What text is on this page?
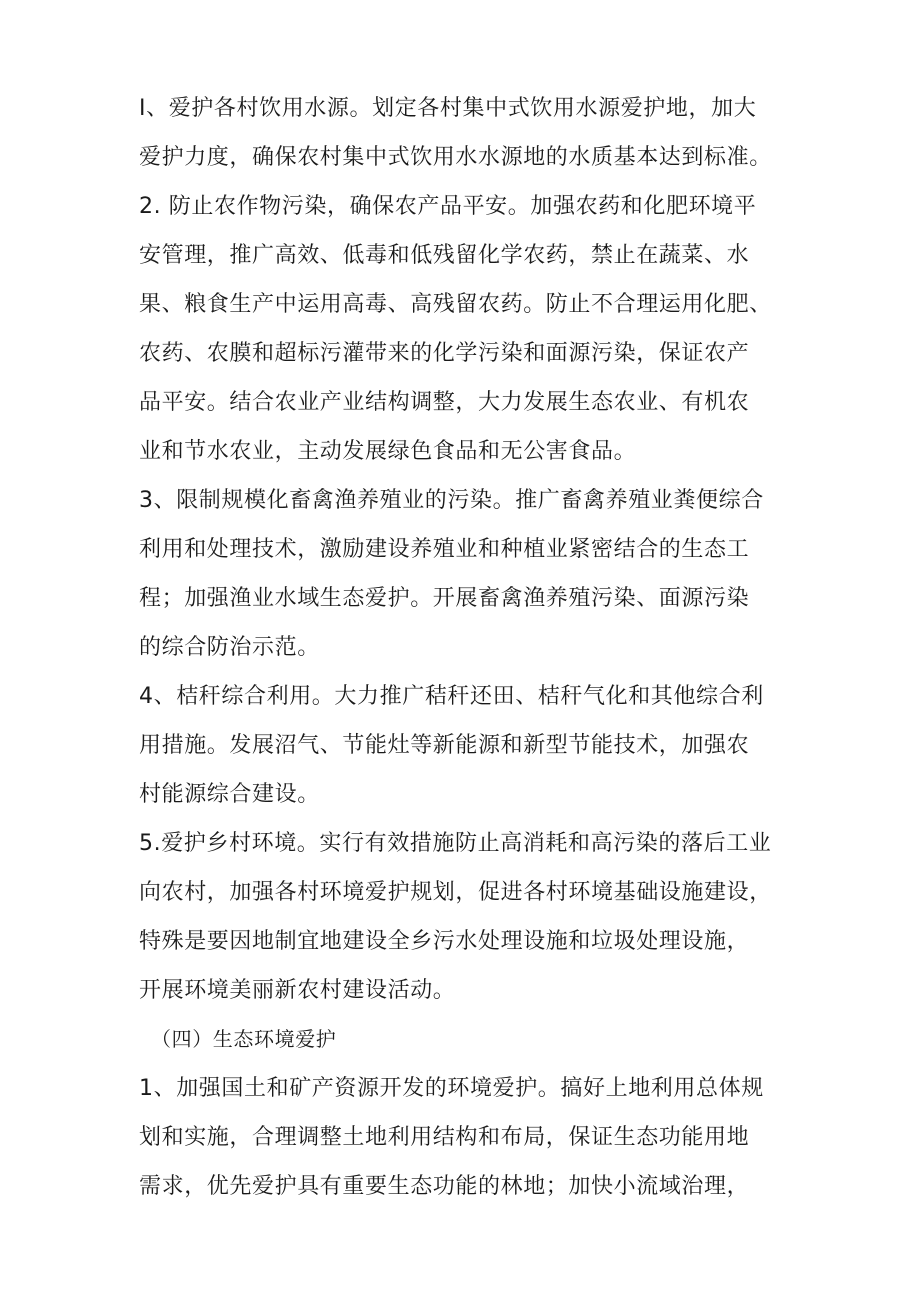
I、爱护各村饮用水源。划定各村集中式饮用水源爱护地，加大
爱护力度，确保农村集中式饮用水水源地的水质基本达到标准。
2. 防止农作物污染，确保农产品平安。加强农药和化肥环境平
安管理，推广高效、低毒和低残留化学农药，禁止在蔬菜、水
果、粮食生产中运用高毒、高残留农药。防止不合理运用化肥、
农药、农膜和超标污灌带来的化学污染和面源污染，保证农产
品平安。结合农业产业结构调整，大力发展生态农业、有机农
业和节水农业，主动发展绿色食品和无公害食品。
3、限制规模化畜禽渔养殖业的污染。推广畜禽养殖业粪便综合
利用和处理技术，激励建设养殖业和种植业紧密结合的生态工
程；加强渔业水域生态爱护。开展畜禽渔养殖污染、面源污染
的综合防治示范。
4、桔秆综合利用。大力推广秸秆还田、桔秆气化和其他综合利
用措施。发展沼气、节能灶等新能源和新型节能技术，加强农
村能源综合建设。
5.爱护乡村环境。实行有效措施防止高消耗和高污染的落后工业
向农村，加强各村环境爱护规划，促进各村环境基础设施建设，
特殊是要因地制宜地建设全乡污水处理设施和垃圾处理设施，
开展环境美丽新农村建设活动。
（四）生态环境爱护
1、加强国土和矿产资源开发的环境爱护。搞好上地利用总体规
划和实施，合理调整土地利用结构和布局，保证生态功能用地
需求，优先爱护具有重要生态功能的林地；加快小流域治理，
